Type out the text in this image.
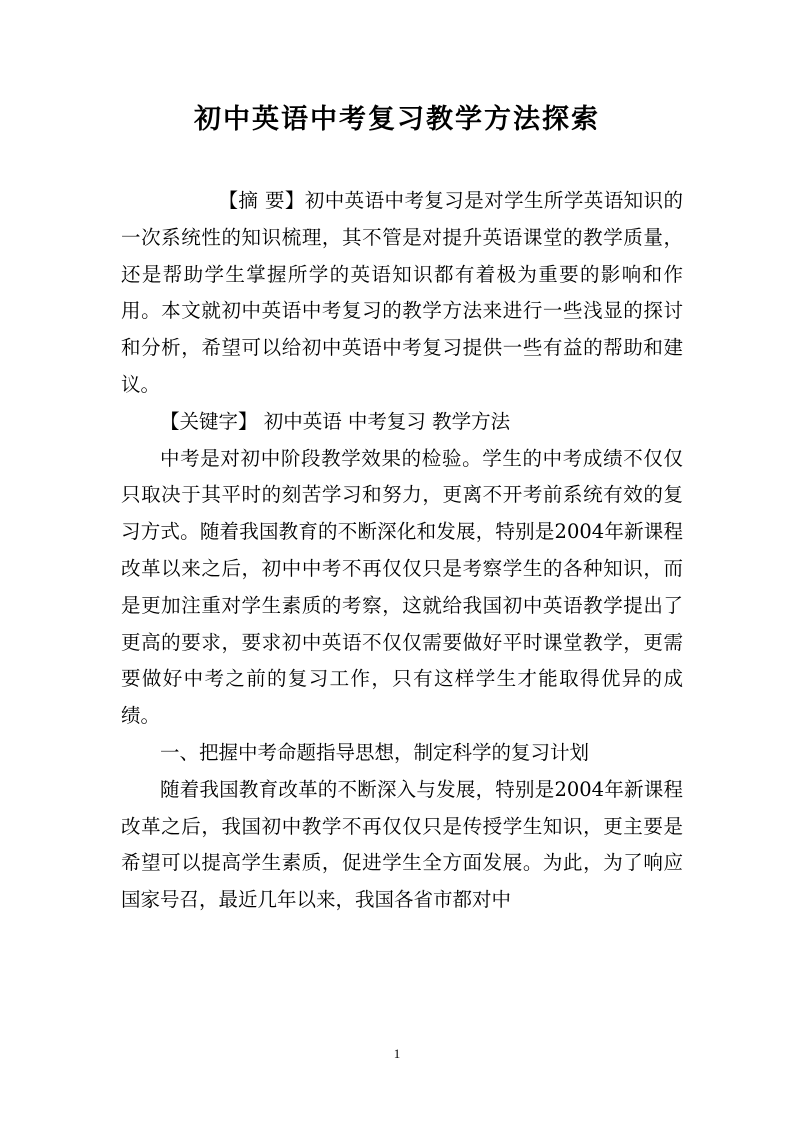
初中英语中考复习教学方法探索

【摘 要】初中英语中考复习是对学生所学英语知识的一次系统性的知识梳理，其不管是对提升英语课堂的教学质量，还是帮助学生掌握所学的英语知识都有着极为重要的影响和作用。本文就初中英语中考复习的教学方法来进行一些浅显的探讨和分析，希望可以给初中英语中考复习提供一些有益的帮助和建议。

【关键字】 初中英语 中考复习 教学方法

中考是对初中阶段教学效果的检验。学生的中考成绩不仅仅只取决于其平时的刻苦学习和努力，更离不开考前系统有效的复习方式。随着我国教育的不断深化和发展，特别是2004年新课程改革以来之后，初中中考不再仅仅只是考察学生的各种知识，而是更加注重对学生素质的考察，这就给我国初中英语教学提出了更高的要求，要求初中英语不仅仅需要做好平时课堂教学，更需要做好中考之前的复习工作，只有这样学生才能取得优异的成绩。

一、把握中考命题指导思想，制定科学的复习计划

随着我国教育改革的不断深入与发展，特别是2004年新课程改革之后，我国初中教学不再仅仅只是传授学生知识，更主要是希望可以提高学生素质，促进学生全方面发展。为此，为了响应国家号召，最近几年以来，我国各省市都对中

1
